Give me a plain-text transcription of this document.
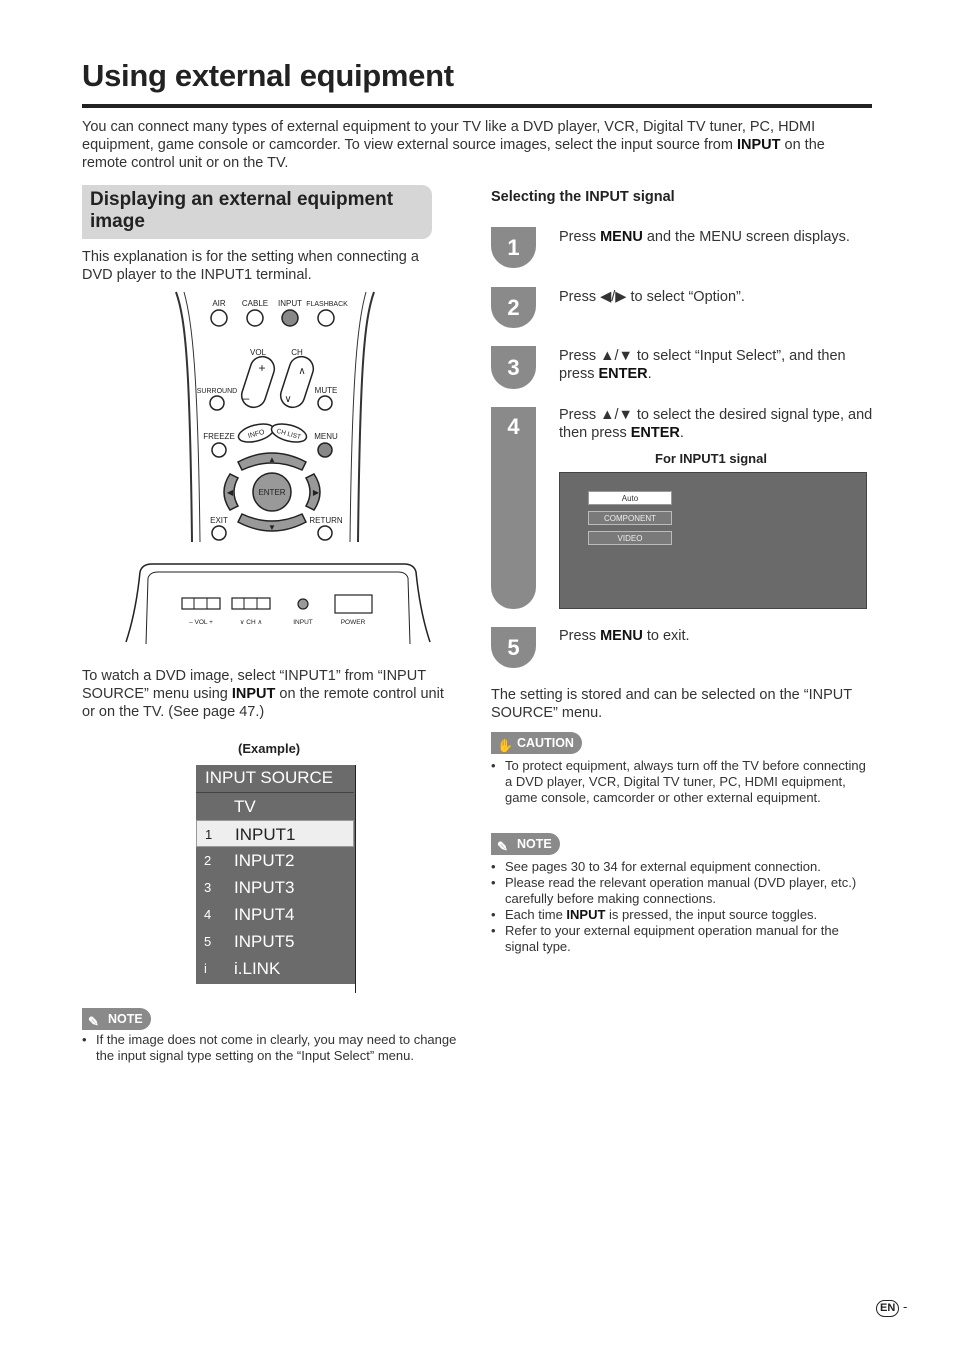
Using external equipment

You can connect many types of external equipment to your TV like a DVD player, VCR, Digital TV tuner, PC, HDMI equipment, game console or camcorder. To view external source images, select the input source from INPUT on the remote control unit or on the TV.

Displaying an external equipment image

This explanation is for the setting when connecting a DVD player to the INPUT1 terminal.

AIR CABLE INPUT FLASHBACK
VOL	CH
+
–
∧
∨
SURROUND	MUTE
FREEZE	MENU
INFO CH LIST
▲
▼
◀	▶
ENTER
EXIT	RETURN
– VOL +	∨ CH ∧	INPUT	POWER

To watch a DVD image, select “INPUT1” from “INPUT SOURCE” menu using INPUT on the remote control unit or on the TV. (See page 47.)

(Example)
INPUT SOURCE
TV
1	INPUT1
2	INPUT2
3	INPUT3
4	INPUT4
5	INPUT5
i	i.LINK
✎ NOTE
• If the image does not come in clearly, you may need to change the input signal type setting on the “Input Select” menu.
Selecting the INPUT signal
1	Press MENU and the MENU screen displays.
2	Press ◀/▶ to select “Option”.
3	Press ▲/▼ to select “Input Select”, and then press ENTER.
4	Press ▲/▼ to select the desired signal type, and then press ENTER.
5	Press MENU to exit.
For INPUT1 signal
Auto
COMPONENT
VIDEO

The setting is stored and can be selected on the “INPUT SOURCE” menu.

✋ CAUTION
• To protect equipment, always turn off the TV before connecting a DVD player, VCR, Digital TV tuner, PC, HDMI equipment, game console, camcorder or other external equipment.
✎ NOTE
• See pages 30 to 34 for external equipment connection.
• Please read the relevant operation manual (DVD player, etc.) carefully before making connections.
• Each time INPUT is pressed, the input source toggles.
• Refer to your external equipment operation manual for the signal type.
EN -
